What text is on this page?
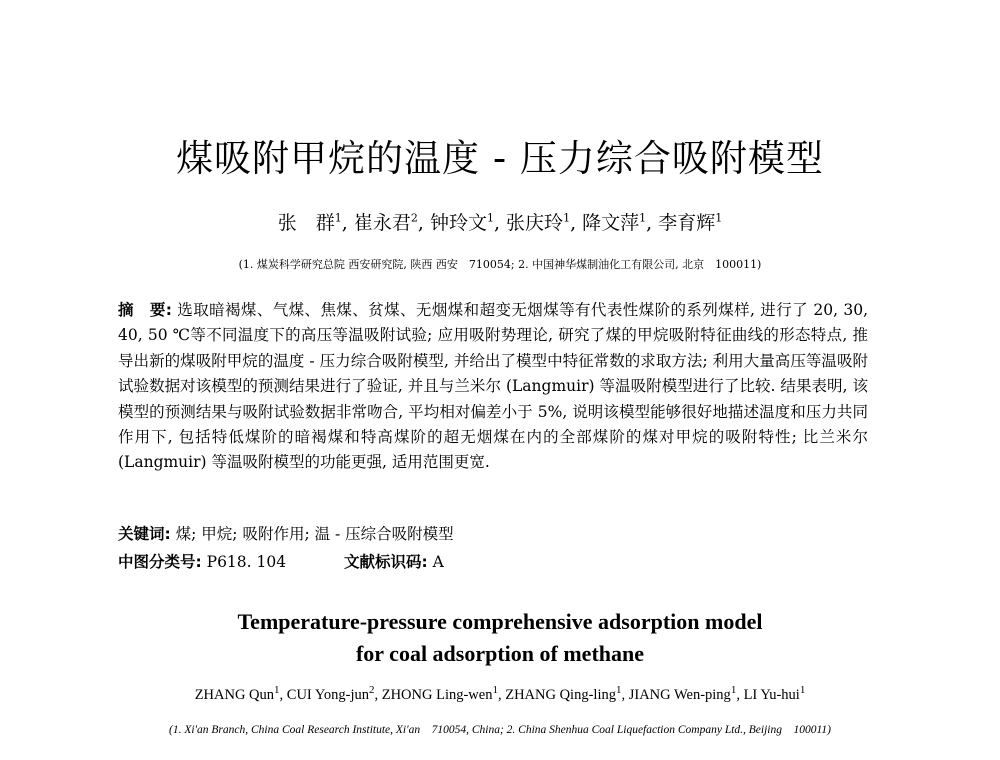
煤吸附甲烷的温度 - 压力综合吸附模型
张　群$^1$, 崔永君$^2$, 钟玲文$^1$, 张庆玲$^1$, 降文萍$^1$, 李育辉$^1$
(1. 煤炭科学研究总院 西安研究院, 陕西 西安　710054; 2. 中国神华煤制油化工有限公司, 北京　100011)
摘　要: 选取暗褐煤、气煤、焦煤、贫煤、无烟煤和超变无烟煤等有代表性煤阶的系列煤样, 进行了 20, 30, 40, 50 ℃等不同温度下的高压等温吸附试验; 应用吸附势理论, 研究了煤的甲烷吸附特征曲线的形态特点, 推导出新的煤吸附甲烷的温度 - 压力综合吸附模型, 并给出了模型中特征常数的求取方法; 利用大量高压等温吸附试验数据对该模型的预测结果进行了验证, 并且与兰米尔 (Langmuir) 等温吸附模型进行了比较. 结果表明, 该模型的预测结果与吸附试验数据非常吻合, 平均相对偏差小于 5%, 说明该模型能够很好地描述温度和压力共同作用下, 包括特低煤阶的暗褐煤和特高煤阶的超无烟煤在内的全部煤阶的煤对甲烷的吸附特性; 比兰米尔 (Langmuir) 等温吸附模型的功能更强, 适用范围更宽.
关键词: 煤; 甲烷; 吸附作用; 温 - 压综合吸附模型
中图分类号: P618. 104	文献标识码: A
Temperature-pressure comprehensive adsorption model
for coal adsorption of methane
ZHANG Qun$^1$, CUI Yong-jun$^2$, ZHONG Ling-wen$^1$, ZHANG Qing-ling$^1$, JIANG Wen-ping$^1$, LI Yu-hui$^1$
(1. Xi'an Branch, China Coal Research Institute, Xi'an　710054, China; 2. China Shenhua Coal Liquefaction Company Ltd., Beijing　100011)
